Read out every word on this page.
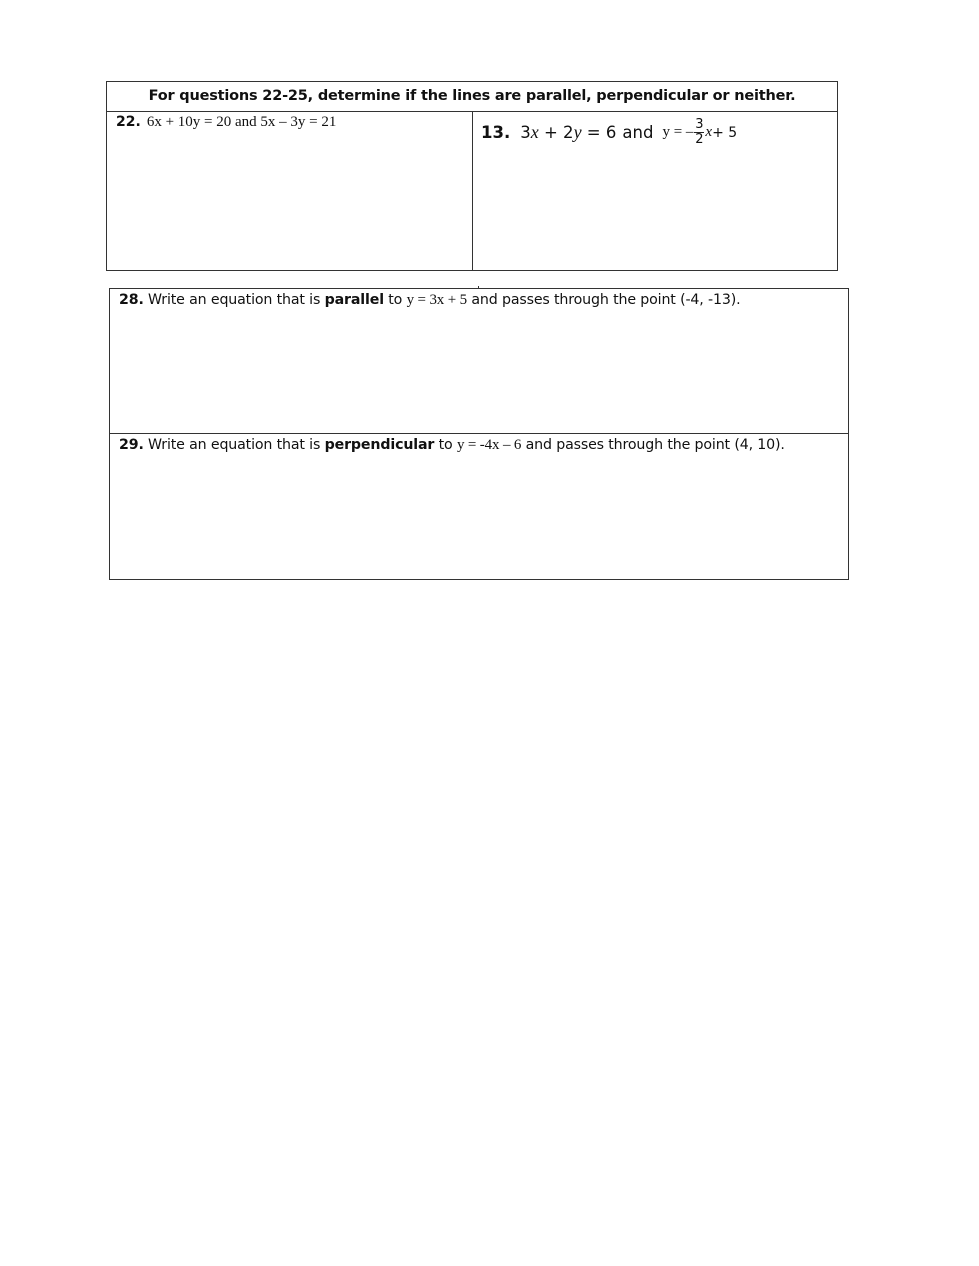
For questions 22-25, determine if the lines are parallel, perpendicular or neither.
22. 6x + 10y = 20 and 5x – 3y = 21
13. 3x + 2y = 6 and y = – $\frac{3}{2}$ x + 5
28. Write an equation that is parallel to y = 3x + 5 and passes through the point (-4, -13).
29. Write an equation that is perpendicular to y = -4x – 6 and passes through the point (4, 10).
